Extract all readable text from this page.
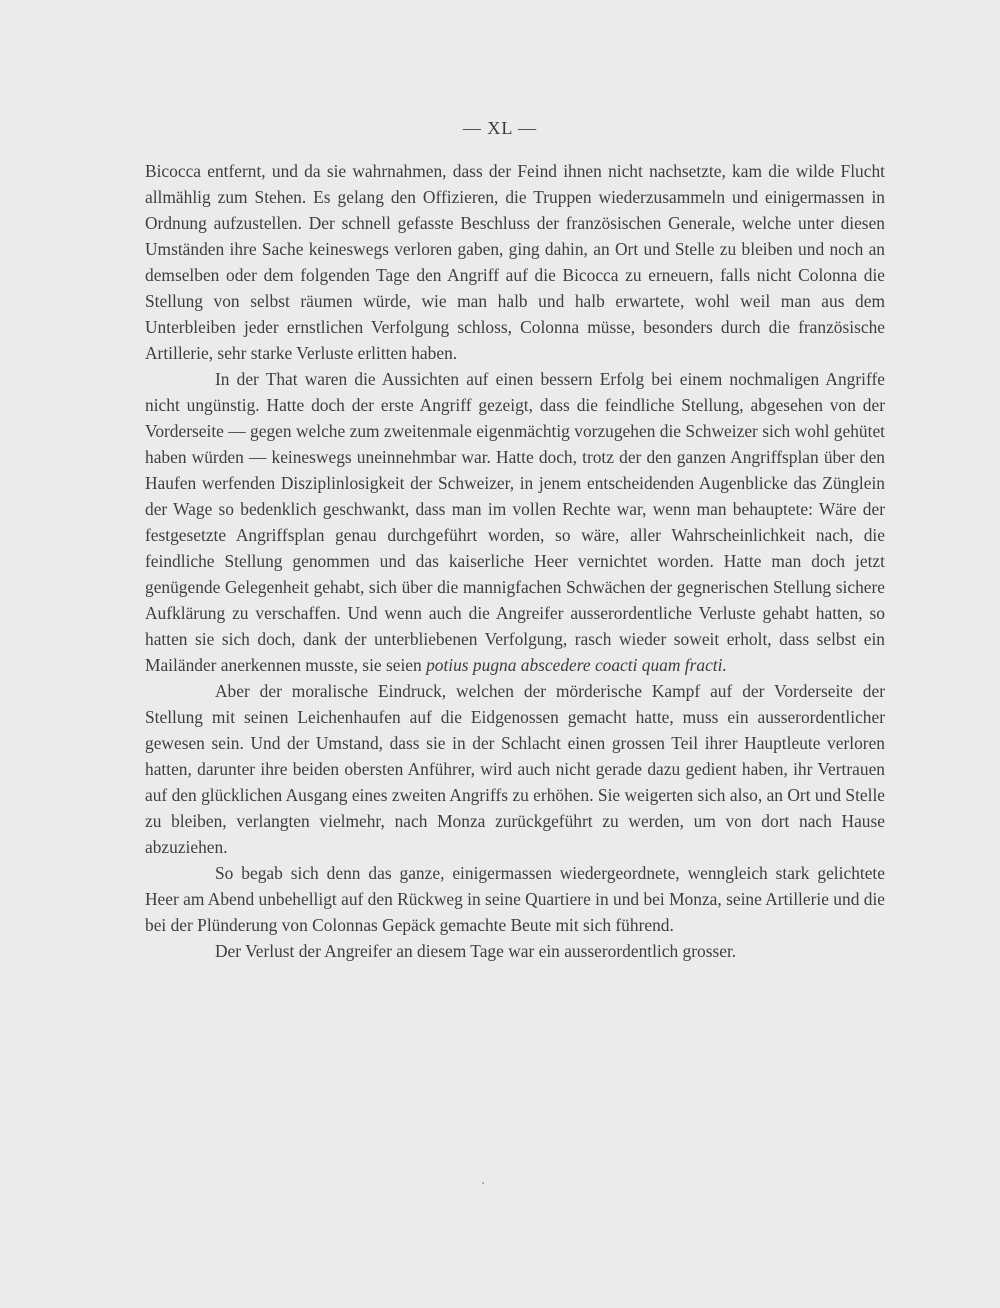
— XL —

Bicocca entfernt, und da sie wahrnahmen, dass der Feind ihnen nicht nachsetzte, kam die wilde Flucht allmählig zum Stehen. Es gelang den Offizieren, die Truppen wiederzusammeln und einigermassen in Ordnung aufzustellen. Der schnell gefasste Beschluss der französischen Generale, welche unter diesen Umständen ihre Sache keineswegs verloren gaben, ging dahin, an Ort und Stelle zu bleiben und noch an demselben oder dem folgenden Tage den Angriff auf die Bicocca zu erneuern, falls nicht Colonna die Stellung von selbst räumen würde, wie man halb und halb erwartete, wohl weil man aus dem Unterbleiben jeder ernstlichen Verfolgung schloss, Colonna müsse, besonders durch die französische Artillerie, sehr starke Verluste erlitten haben.

In der That waren die Aussichten auf einen bessern Erfolg bei einem nochmaligen Angriffe nicht ungünstig. Hatte doch der erste Angriff gezeigt, dass die feindliche Stellung, abgesehen von der Vorderseite — gegen welche zum zweitenmale eigenmächtig vorzugehen die Schweizer sich wohl gehütet haben würden — keineswegs uneinnehmbar war. Hatte doch, trotz der den ganzen Angriffsplan über den Haufen werfenden Disziplinlosigkeit der Schweizer, in jenem entscheidenden Augenblicke das Zünglein der Wage so bedenklich geschwankt, dass man im vollen Rechte war, wenn man behauptete: Wäre der festgesetzte Angriffsplan genau durchgeführt worden, so wäre, aller Wahrscheinlichkeit nach, die feindliche Stellung genommen und das kaiserliche Heer vernichtet worden. Hatte man doch jetzt genügende Gelegenheit gehabt, sich über die mannigfachen Schwächen der gegnerischen Stellung sichere Aufklärung zu verschaffen. Und wenn auch die Angreifer ausserordentliche Verluste gehabt hatten, so hatten sie sich doch, dank der unterbliebenen Verfolgung, rasch wieder soweit erholt, dass selbst ein Mailänder anerkennen musste, sie seien potius pugna abscedere coacti quam fracti.

Aber der moralische Eindruck, welchen der mörderische Kampf auf der Vorderseite der Stellung mit seinen Leichenhaufen auf die Eidgenossen gemacht hatte, muss ein ausserordentlicher gewesen sein. Und der Umstand, dass sie in der Schlacht einen grossen Teil ihrer Hauptleute verloren hatten, darunter ihre beiden obersten Anführer, wird auch nicht gerade dazu gedient haben, ihr Vertrauen auf den glücklichen Ausgang eines zweiten Angriffs zu erhöhen. Sie weigerten sich also, an Ort und Stelle zu bleiben, verlangten vielmehr, nach Monza zurückgeführt zu werden, um von dort nach Hause abzuziehen.

So begab sich denn das ganze, einigermassen wiedergeordnete, wenngleich stark gelichtete Heer am Abend unbehelligt auf den Rückweg in seine Quartiere in und bei Monza, seine Artillerie und die bei der Plünderung von Colonnas Gepäck gemachte Beute mit sich führend.

Der Verlust der Angreifer an diesem Tage war ein ausserordentlich grosser.
